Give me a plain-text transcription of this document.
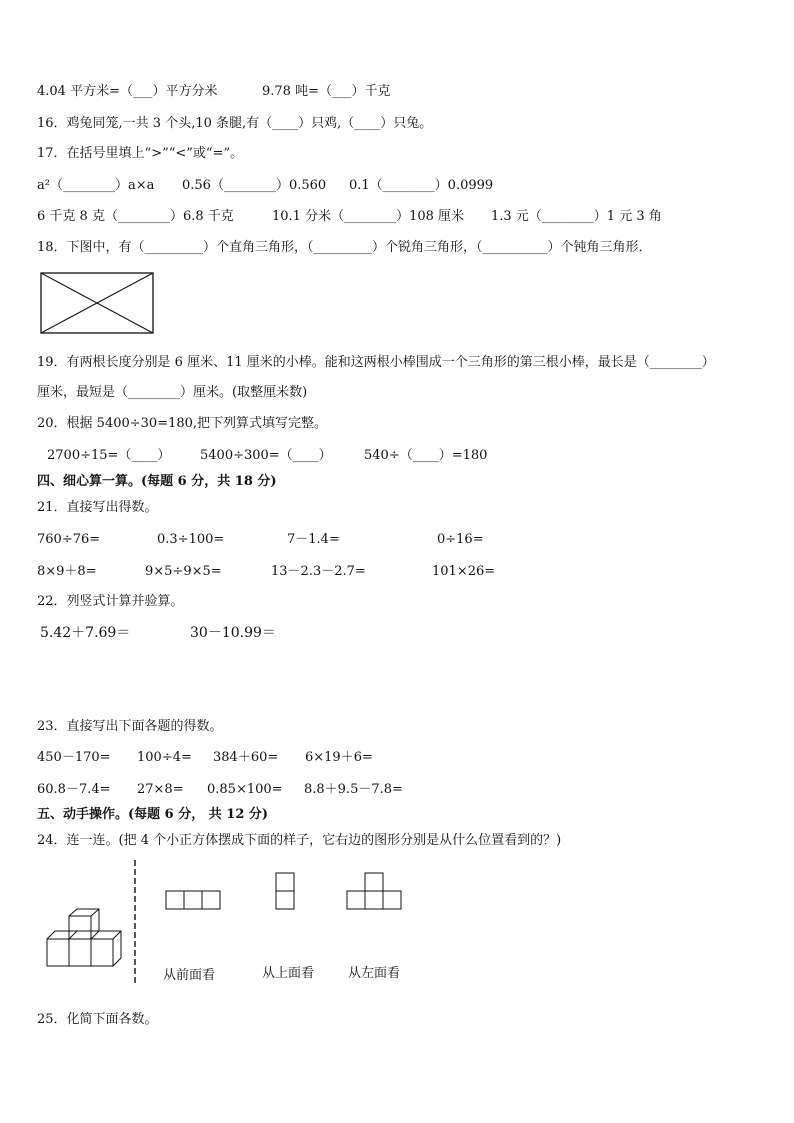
4.04 平方米=（___）平方分米	9.78 吨=（___）千克
16．鸡兔同笼,一共 3 个头,10 条腿,有（____）只鸡,（____）只兔。
17．在括号里填上“>”“<”或“=”。
a²（________）a×a 0.56（________）0.560 0.1（________）0.0999
6 千克 8 克（________）6.8 千克	10.1 分米（________）108 厘米 1.3 元（________）1 元 3 角
18．下图中，有（_________）个直角三角形，（_________）个锐角三角形，（__________）个钝角三角形．
19．有两根长度分别是 6 厘米、11 厘米的小棒。能和这两根小棒围成一个三角形的第三根小棒，最长是（________）
厘米，最短是（________）厘米。(取整厘米数)
20．根据 5400÷30=180,把下列算式填写完整。
2700÷15=（____） 5400÷300=（____） 540÷（____）=180
四、细心算一算。(每题 6 分，共 18 分)
21．直接写出得数。
760÷76=	0.3÷100=	7－1.4=	0÷16=
8×9＋8=	9×5÷9×5=	13－2.3－2.7=	101×26=
22．列竖式计算并验算。
5.42＋7.69＝	30－10.99＝
23．直接写出下面各题的得数。
450－170= 100÷4= 384＋60= 6×19＋6=
60.8－7.4= 27×8= 0.85×100= 8.8＋9.5－7.8=
五、动手操作。(每题 6 分， 共 12 分)
24．连一连。(把 4 个小正方体摆成下面的样子，它右边的图形分别是从什么位置看到的？)
从前面看	从上面看	从左面看
25．化简下面各数。
